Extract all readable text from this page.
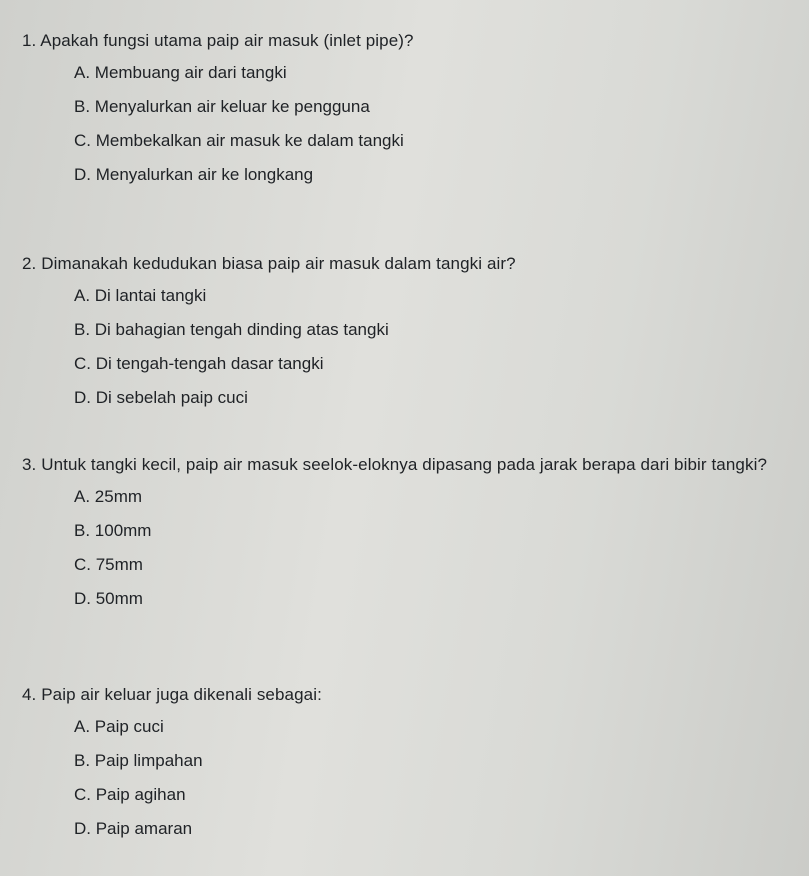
1. Apakah fungsi utama paip air masuk (inlet pipe)?

A. Membuang air dari tangki
B. Menyalurkan air keluar ke pengguna
C. Membekalkan air masuk ke dalam tangki
D. Menyalurkan air ke longkang

2. Dimanakah kedudukan biasa paip air masuk dalam tangki air?

A. Di lantai tangki
B. Di bahagian tengah dinding atas tangki
C. Di tengah-tengah dasar tangki
D. Di sebelah paip cuci

3. Untuk tangki kecil, paip air masuk seelok-eloknya dipasang pada jarak berapa dari bibir tangki?

A. 25mm
B. 100mm
C. 75mm
D. 50mm

4. Paip air keluar juga dikenali sebagai:

A. Paip cuci
B. Paip limpahan
C. Paip agihan
D. Paip amaran
